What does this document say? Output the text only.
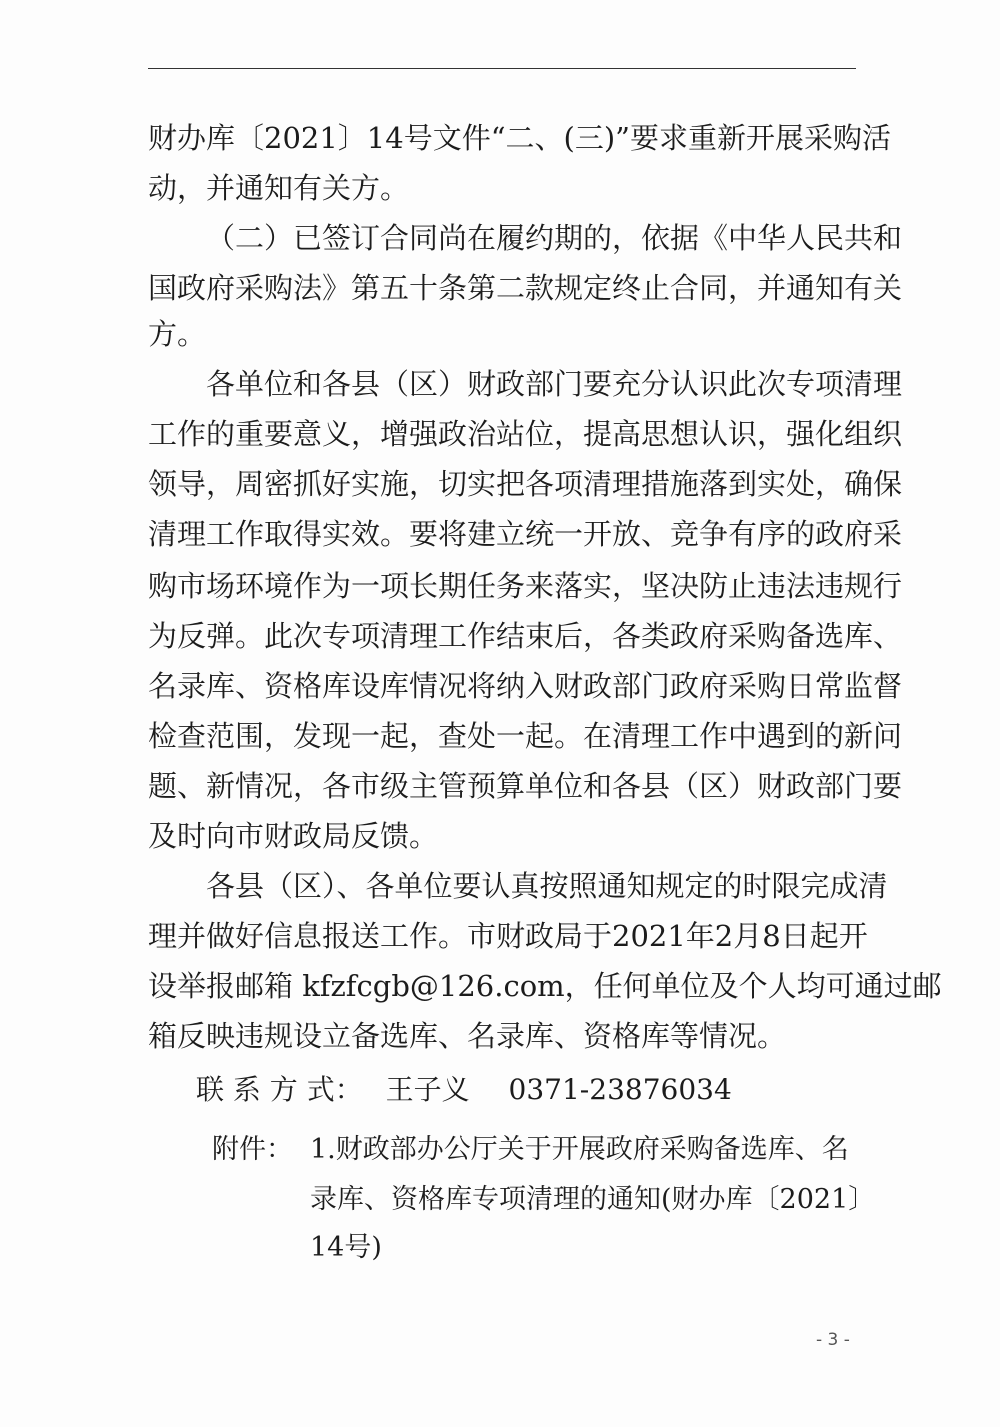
财办库〔2021〕14号文件“二、(三)”要求重新开展采购活
动，并通知有关方。
（二）已签订合同尚在履约期的，依据《中华人民共和
国政府采购法》第五十条第二款规定终止合同，并通知有关
方。
各单位和各县（区）财政部门要充分认识此次专项清理
工作的重要意义，增强政治站位，提高思想认识，强化组织
领导，周密抓好实施，切实把各项清理措施落到实处，确保
清理工作取得实效。要将建立统一开放、竞争有序的政府采
购市场环境作为一项长期任务来落实，坚决防止违法违规行
为反弹。此次专项清理工作结束后，各类政府采购备选库、
名录库、资格库设库情况将纳入财政部门政府采购日常监督
检查范围，发现一起，查处一起。在清理工作中遇到的新问
题、新情况，各市级主管预算单位和各县（区）财政部门要
及时向市财政局反馈。
各县（区）、各单位要认真按照通知规定的时限完成清
理并做好信息报送工作。市财政局于2021年2月8日起开
设举报邮箱 kfzfcgb@126.com，任何单位及个人均可通过邮
箱反映违规设立备选库、名录库、资格库等情况。
联 系 方 式： 王子义 0371-23876034
附件： 1.财政部办公厅关于开展政府采购备选库、名
录库、资格库专项清理的通知(财办库〔2021〕
14号)
- 3 -
